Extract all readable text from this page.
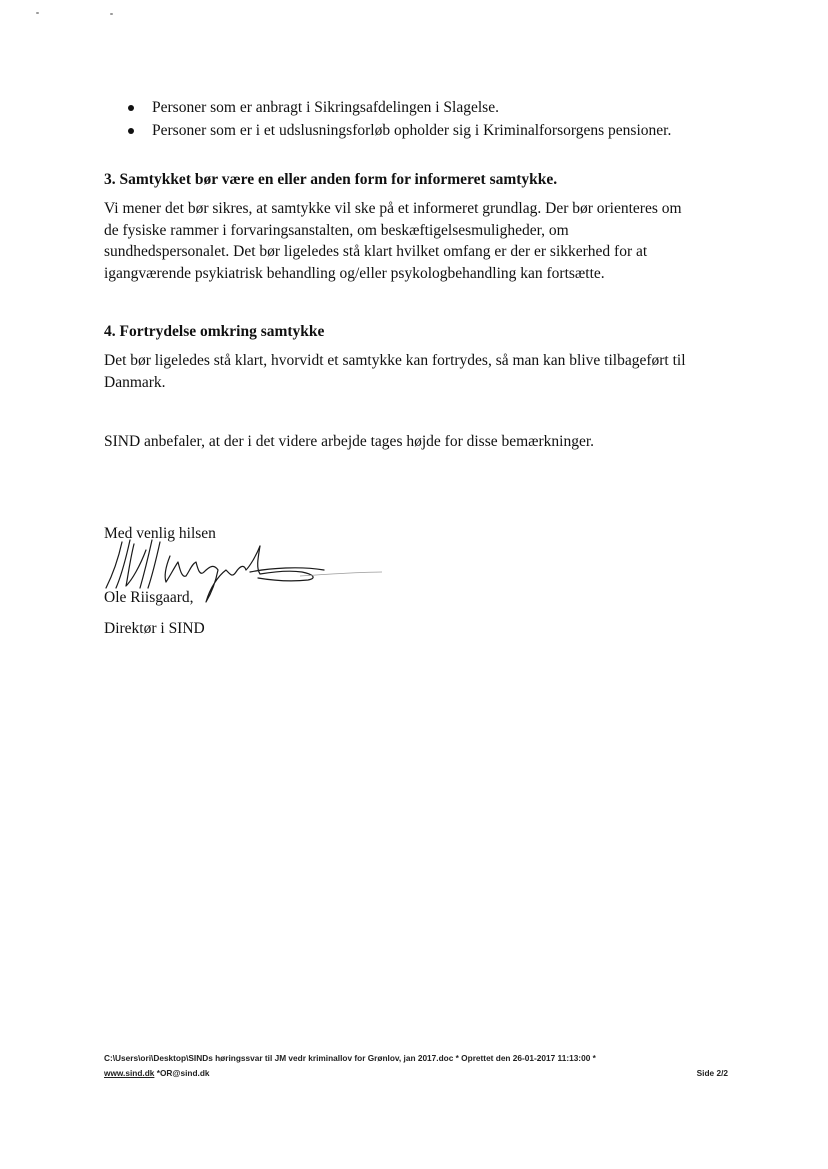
Personer som er anbragt i Sikringsafdelingen i Slagelse.
Personer som er i et udslusningsforløb opholder sig i Kriminalforsorgens pensioner.
3. Samtykket bør være en eller anden form for informeret samtykke.

Vi mener det bør sikres, at samtykke vil ske på et informeret grundlag. Der bør orienteres om
de fysiske rammer i forvaringsanstalten, om beskæftigelsesmuligheder, om
sundhedspersonalet. Det bør ligeledes stå klart hvilket omfang er der er sikkerhed for at
igangværende psykiatrisk behandling og/eller psykologbehandling kan fortsætte.

4. Fortrydelse omkring samtykke

Det bør ligeledes stå klart, hvorvidt et samtykke kan fortrydes, så man kan blive tilbageført til
Danmark.

SIND anbefaler, at der i det videre arbejde tages højde for disse bemærkninger.

Med venlig hilsen

Ole Riisgaard,

Direktør i SIND

C:\Users\ori\Desktop\SINDs høringssvar til JM vedr kriminallov for Grønlov, jan 2017.doc * Oprettet den 26-01-2017 11:13:00 *
www.sind.dk *OR@sind.dk	Side 2/2
